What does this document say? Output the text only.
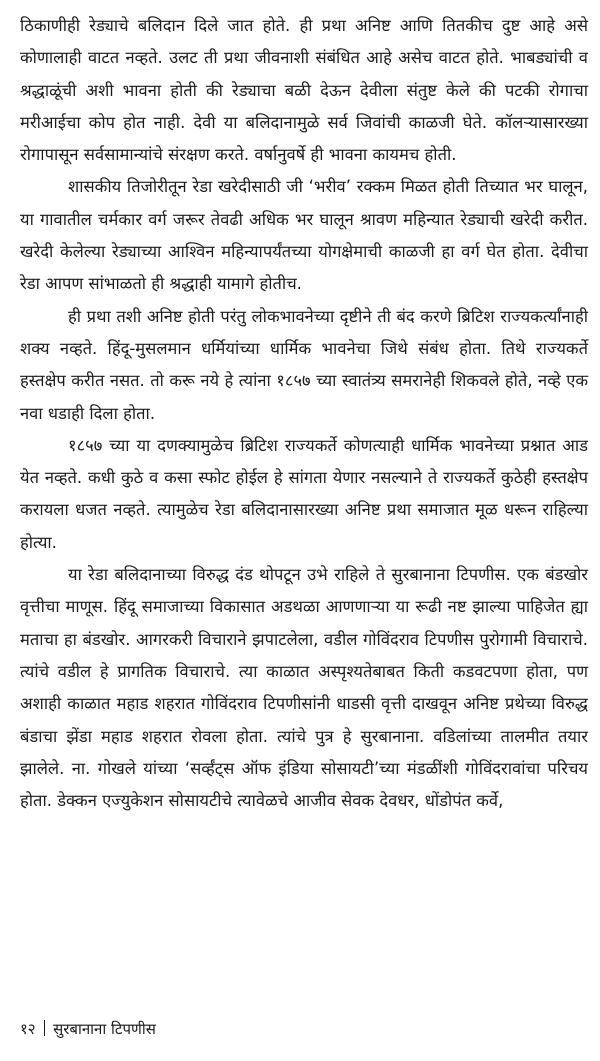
ठिकाणीही रेड्याचे बलिदान दिले जात होते. ही प्रथा अनिष्ट आणि तितकीच दुष्ट आहे असे कोणालाही वाटत नव्हते. उलट ती प्रथा जीवनाशी संबंधित आहे असेच वाटत होते. भाबड्यांची व श्रद्धाळूंची अशी भावना होती की रेड्याचा बळी देऊन देवीला संतुष्ट केले की पटकी रोगाचा मरीआईचा कोप होत नाही. देवी या बलिदानामुळे सर्व जिवांची काळजी घेते. कॉलऱ्यासारख्या रोगापासून सर्वसामान्यांचे संरक्षण करते. वर्षानुवर्षे ही भावना कायमच होती.

शासकीय तिजोरीतून रेडा खरेदीसाठी जी ‘भरीव’ रक्कम मिळत होती तिच्यात भर घालून, या गावातील चर्मकार वर्ग जरूर तेवढी अधिक भर घालून श्रावण महिन्यात रेड्याची खरेदी करीत. खरेदी केलेल्या रेड्याच्या आश्विन महिन्यापर्यंतच्या योगक्षेमाची काळजी हा वर्ग घेत होता. देवीचा रेडा आपण सांभाळतो ही श्रद्धाही यामागे होतीच.

ही प्रथा तशी अनिष्ट होती परंतु लोकभावनेच्या दृष्टीने ती बंद करणे ब्रिटिश राज्यकर्त्यांनाही शक्य नव्हते. हिंदू-मुसलमान धर्मियांच्या धार्मिक भावनेचा जिथे संबंध होता. तिथे राज्यकर्ते हस्तक्षेप करीत नसत. तो करू नये हे त्यांना १८५७ च्या स्वातंत्र्य समरानेही शिकवले होते, नव्हे एक नवा धडाही दिला होता.

१८५७ च्या या दणक्यामुळेच ब्रिटिश राज्यकर्ते कोणत्याही धार्मिक भावनेच्या प्रश्नात आड येत नव्हते. कधी कुठे व कसा स्फोट होईल हे सांगता येणार नसल्याने ते राज्यकर्ते कुठेही हस्तक्षेप करायला धजत नव्हते. त्यामुळेच रेडा बलिदानासारख्या अनिष्ट प्रथा समाजात मूळ धरून राहिल्या होत्या.

या रेडा बलिदानाच्या विरुद्ध दंड थोपटून उभे राहिले ते सुरबानाना टिपणीस. एक बंडखोर वृत्तीचा माणूस. हिंदू समाजाच्या विकासात अडथळा आणणाऱ्या या रूढी नष्ट झाल्या पाहिजेत ह्या मताचा हा बंडखोर. आगरकरी विचाराने झपाटलेला, वडील गोविंदराव टिपणीस पुरोगामी विचाराचे. त्यांचे वडील हे प्रागतिक विचाराचे. त्या काळात अस्पृश्यतेबाबत किती कडवटपणा होता, पण अशाही काळात महाड शहरात गोविंदराव टिपणीसांनी धाडसी वृत्ती दाखवून अनिष्ट प्रथेच्या विरुद्ध बंडाचा झेंडा महाड शहरात रोवला होता. त्यांचे पुत्र हे सुरबानाना. वडिलांच्या तालमीत तयार झालेले. ना. गोखले यांच्या ‘सर्व्हंट्स ऑफ इंडिया सोसायटी’च्या मंडळींशी गोविंदरावांचा परिचय होता. डेक्कन एज्युकेशन सोसायटीचे त्यावेळचे आजीव सेवक देवधर, धोंडोपंत कर्वे,

१२ सुरबानाना टिपणीस
